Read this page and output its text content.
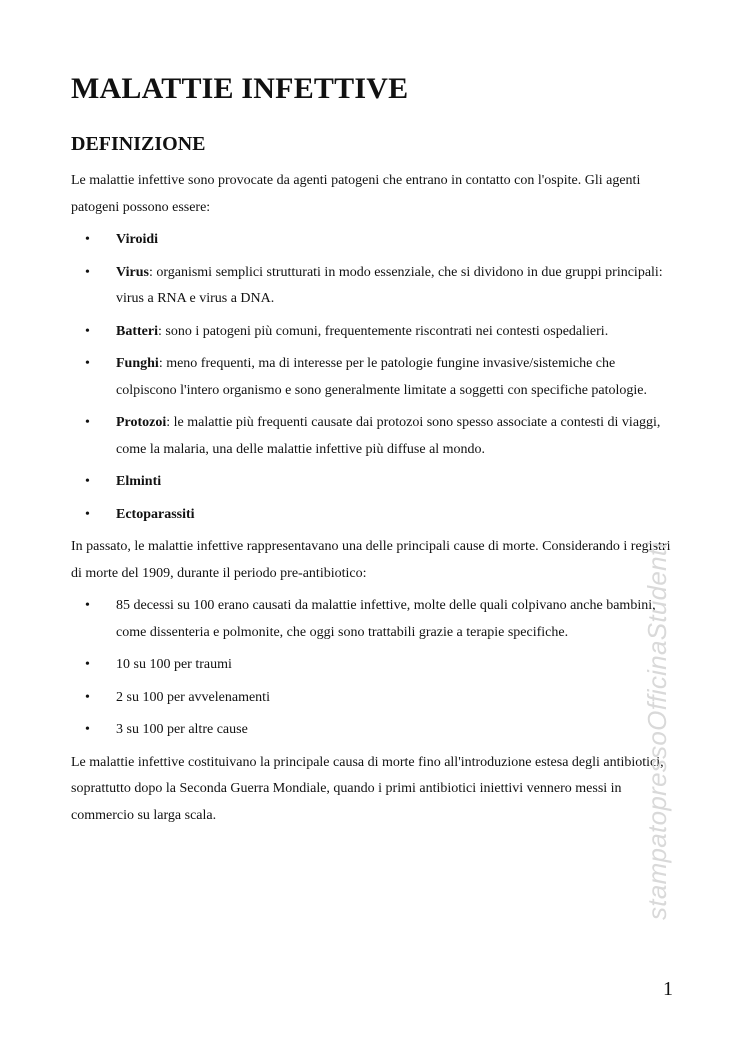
MALATTIE INFETTIVE
DEFINIZIONE

Le malattie infettive sono provocate da agenti patogeni che entrano in contatto con l'ospite. Gli agenti patogeni possono essere:

• Viroidi
• Virus: organismi semplici strutturati in modo essenziale, che si dividono in due gruppi principali: virus a RNA e virus a DNA.
• Batteri: sono i patogeni più comuni, frequentemente riscontrati nei contesti ospedalieri.
• Funghi: meno frequenti, ma di interesse per le patologie fungine invasive/sistemiche che colpiscono l'intero organismo e sono generalmente limitate a soggetti con specifiche patologie.
• Protozoi: le malattie più frequenti causate dai protozoi sono spesso associate a contesti di viaggi, come la malaria, una delle malattie infettive più diffuse al mondo.
• Elminti
• Ectoparassiti

In passato, le malattie infettive rappresentavano una delle principali cause di morte. Considerando i registri di morte del 1909, durante il periodo pre-antibiotico:

• 85 decessi su 100 erano causati da malattie infettive, molte delle quali colpivano anche bambini, come dissenteria e polmonite, che oggi sono trattabili grazie a terapie specifiche.
• 10 su 100 per traumi
• 2 su 100 per avvelenamenti
• 3 su 100 per altre cause

Le malattie infettive costituivano la principale causa di morte fino all'introduzione estesa degli antibiotici, soprattutto dopo la Seconda Guerra Mondiale, quando i primi antibiotici iniettivi vennero messi in commercio su larga scala.	stampatopressoOfficinaStudenti
1
